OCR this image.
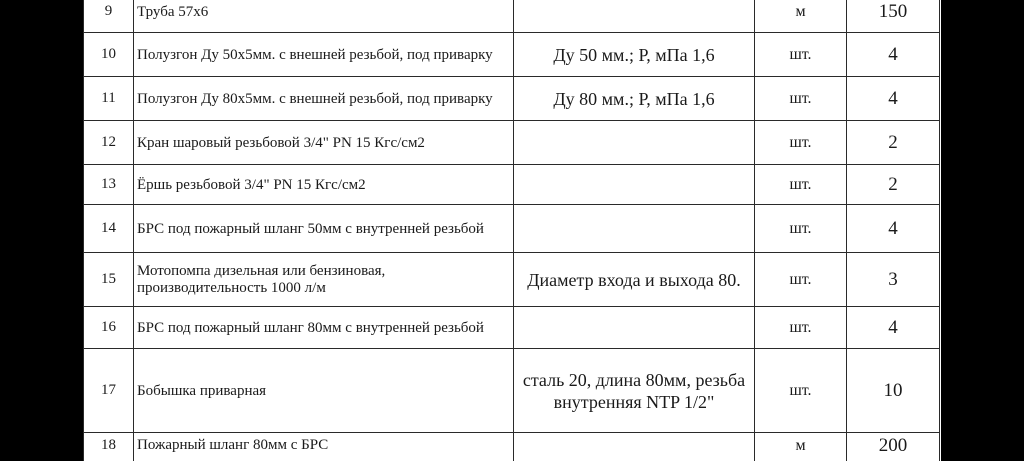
9	Труба 57х6		м	150
10	Полузгон Ду 50х5мм. с внешней резьбой, под приварку	Ду 50 мм.; Р, мПа 1,6	шт.	4
11	Полузгон Ду 80х5мм. с внешней резьбой, под приварку	Ду 80 мм.; Р, мПа 1,6	шт.	4
12	Кран шаровый резьбовой 3/4" PN 15 Кгс/см2		шт.	2
13	Ёршь резьбовой 3/4" PN 15 Кгс/см2		шт.	2
14	БРС под пожарный шланг 50мм с внутренней резьбой		шт.	4
15	Мотопомпа дизельная или бензиновая, производительность 1000 л/м	Диаметр входа и выхода 80.	шт.	3
16	БРС под пожарный шланг 80мм с внутренней резьбой		шт.	4
17	Бобышка приварная	сталь 20, длина 80мм, резьба внутренняя NTP 1/2"	шт.	10
18	Пожарный шланг 80мм с БРС		м	200
